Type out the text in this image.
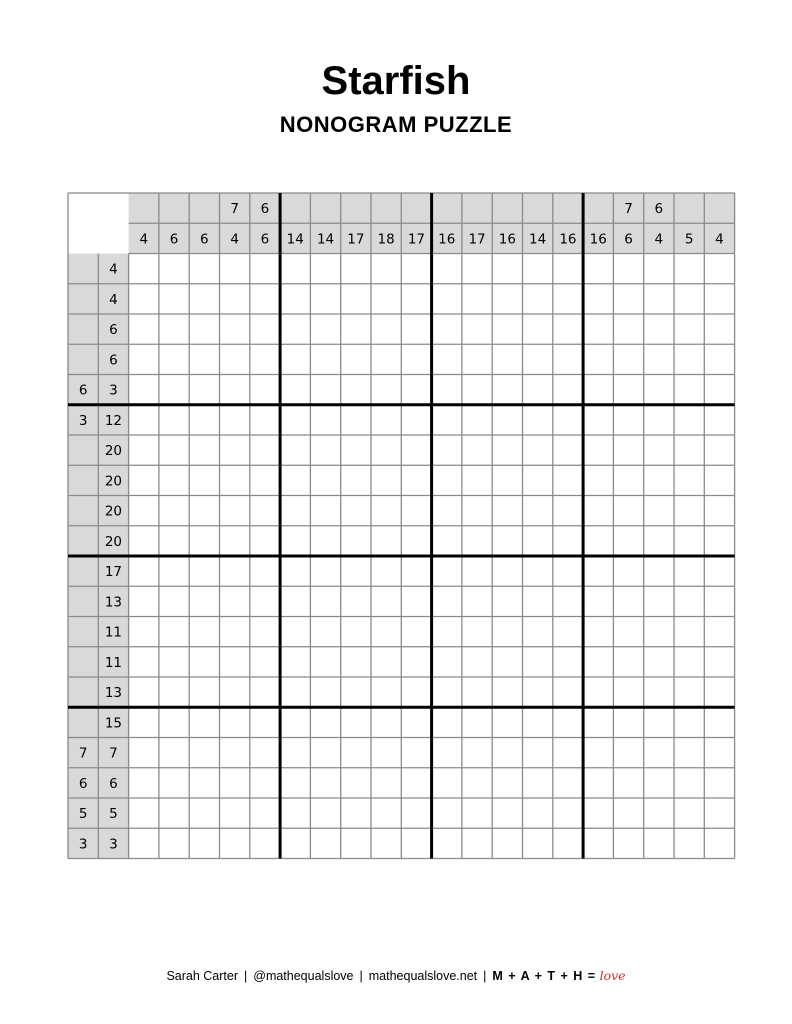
Starfish
NONOGRAM PUZZLE
4 6 6
7
4
6
6 14 14 17 18 17 16 17 16 14 16 16
7
6
6
4 5 4
4
4
6
6
6 3
3 12
20
20
20
20
17
13
11
11
13
15
7 7
6 6
5 5
3 3
Sarah Carter | @mathequalslove | mathequalslove.net | M + A + T + H = love
